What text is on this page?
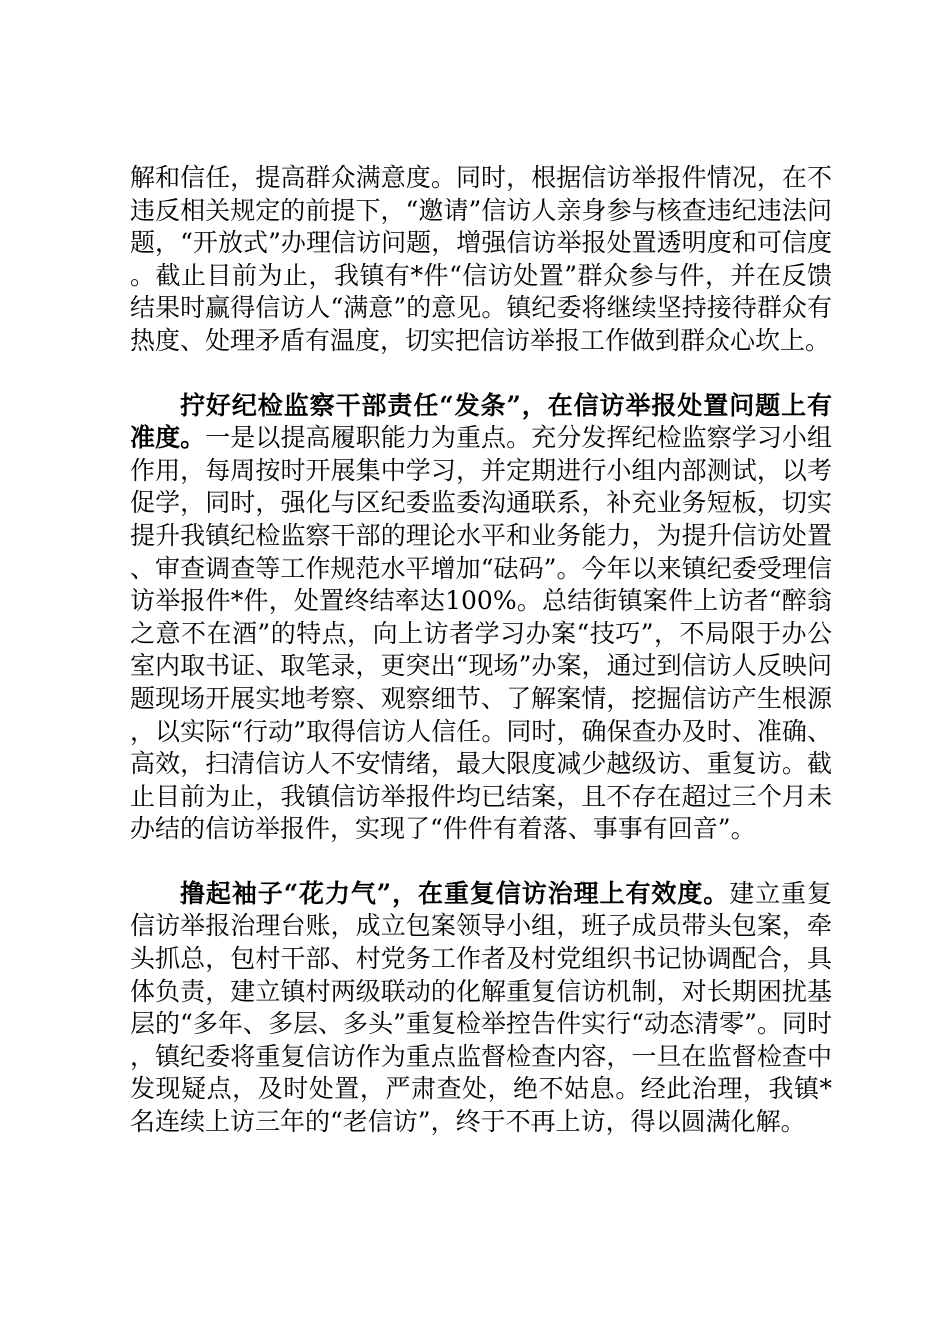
解和信任，提高群众满意度。同时，根据信访举报件情况，在不违反相关规定的前提下，“邀请”信访人亲身参与核查违纪违法问题，“开放式”办理信访问题，增强信访举报处置透明度和可信度。截止目前为止，我镇有*件“信访处置”群众参与件，并在反馈结果时赢得信访人“满意”的意见。镇纪委将继续坚持接待群众有热度、处理矛盾有温度，切实把信访举报工作做到群众心坎上。

拧好纪检监察干部责任“发条”，在信访举报处置问题上有准度。一是以提高履职能力为重点。充分发挥纪检监察学习小组作用，每周按时开展集中学习，并定期进行小组内部测试，以考促学，同时，强化与区纪委监委沟通联系，补充业务短板，切实提升我镇纪检监察干部的理论水平和业务能力，为提升信访处置、审查调查等工作规范水平增加“砝码”。今年以来镇纪委受理信访举报件*件，处置终结率达100%。总结街镇案件上访者“醉翁之意不在酒”的特点，向上访者学习办案“技巧”，不局限于办公室内取书证、取笔录，更突出“现场”办案，通过到信访人反映问题现场开展实地考察、观察细节、了解案情，挖掘信访产生根源，以实际“行动”取得信访人信任。同时，确保查办及时、准确、高效，扫清信访人不安情绪，最大限度减少越级访、重复访。截止目前为止，我镇信访举报件均已结案，且不存在超过三个月未办结的信访举报件，实现了“件件有着落、事事有回音”。

撸起袖子“花力气”，在重复信访治理上有效度。建立重复信访举报治理台账，成立包案领导小组，班子成员带头包案，牵头抓总，包村干部、村党务工作者及村党组织书记协调配合，具体负责，建立镇村两级联动的化解重复信访机制，对长期困扰基层的“多年、多层、多头”重复检举控告件实行“动态清零”。同时，镇纪委将重复信访作为重点监督检查内容，一旦在监督检查中发现疑点，及时处置，严肃查处，绝不姑息。经此治理，我镇*名连续上访三年的“老信访”，终于不再上访，得以圆满化解。
